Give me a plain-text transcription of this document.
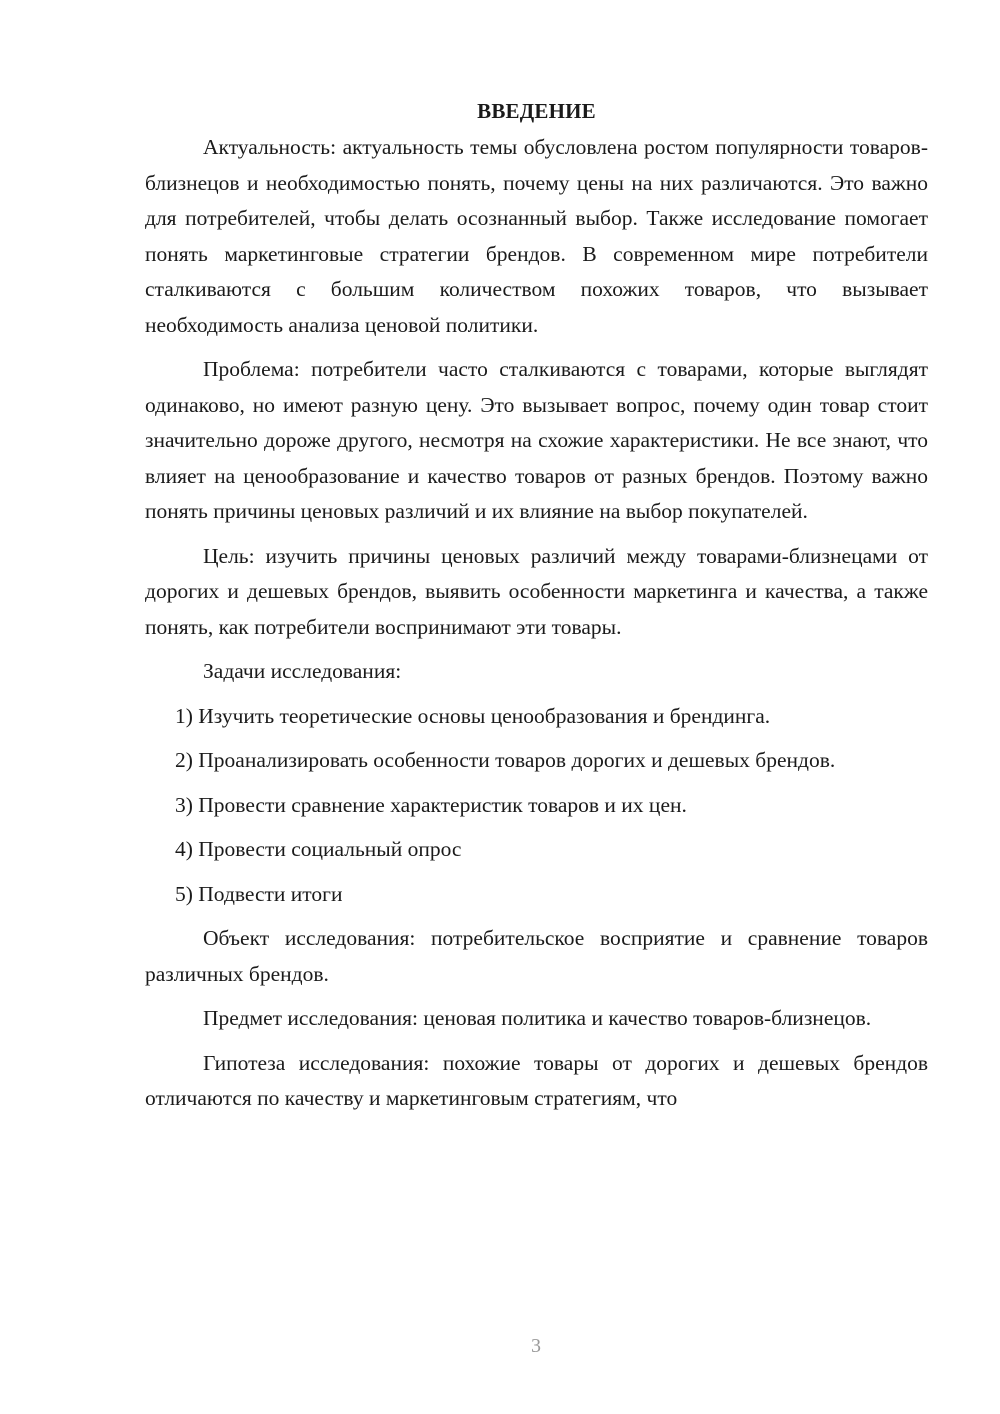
ВВЕДЕНИЕ

Актуальность: актуальность темы обусловлена ростом популярности товаров-близнецов и необходимостью понять, почему цены на них различаются. Это важно для потребителей, чтобы делать осознанный выбор. Также исследование помогает понять маркетинговые стратегии брендов. В современном мире потребители сталкиваются с большим количеством похожих товаров, что вызывает необходимость анализа ценовой политики.

Проблема: потребители часто сталкиваются с товарами, которые выглядят одинаково, но имеют разную цену. Это вызывает вопрос, почему один товар стоит значительно дороже другого, несмотря на схожие характеристики. Не все знают, что влияет на ценообразование и качество товаров от разных брендов. Поэтому важно понять причины ценовых различий и их влияние на выбор покупателей.

Цель: изучить причины ценовых различий между товарами-близнецами от дорогих и дешевых брендов, выявить особенности маркетинга и качества, а также понять, как потребители воспринимают эти товары.

Задачи исследования:

1) Изучить теоретические основы ценообразования и брендинга.

2) Проанализировать особенности товаров дорогих и дешевых брендов.

3) Провести сравнение характеристик товаров и их цен.

4) Провести социальный опрос

5) Подвести итоги

Объект исследования: потребительское восприятие и сравнение товаров различных брендов.

Предмет исследования: ценовая политика и качество товаров-близнецов.

Гипотеза исследования: похожие товары от дорогих и дешевых брендов отличаются по качеству и маркетинговым стратегиям, что

3
